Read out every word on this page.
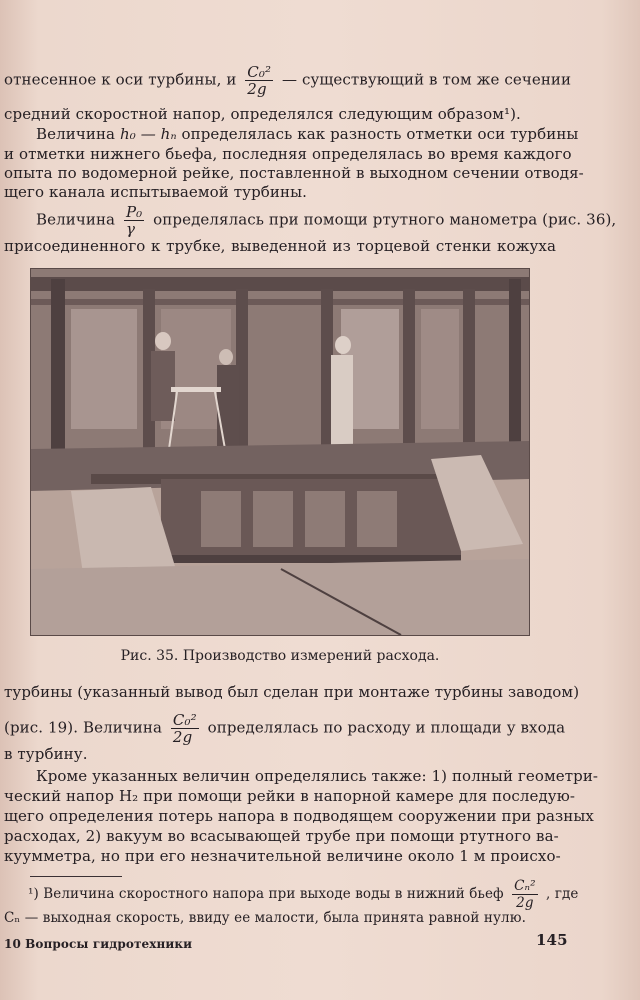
отнесенное к оси турбины, и $\frac{\text{C₀²}}{2g}$ — существующий в том же сечении
средний скоростной напор, определялся следующим образом¹).
Величина h₀ — hₙ определялась как разность отметки оси турбины
и отметки нижнего бьефа, последняя определялась во время каждого
опыта по водомерной рейке, поставленной в выходном сечении отводя-
щего канала испытываемой турбины.
Величина $\frac{\text{P₀}}{\gamma}$ определялась при помощи ртутного манометра (рис. 36),
присоединенного к трубке, выведенной из торцевой стенки кожуха
Рис. 35. Производство измерений расхода.
турбины (указанный вывод был сделан при монтаже турбины заводом)
(рис. 19). Величина $\frac{\text{C₀²}}{2g}$ определялась по расходу и площади у входа
в турбину.
Кроме указанных величин определялись также: 1) полный геометри-
ческий напор H₂ при помощи рейки в напорной камере для последую-
щего определения потерь напора в подводящем сооружении при разных
расходах, 2) вакуум во всасывающей трубе при помощи ртутного ва-
куумметра, но при его незначительной величине около 1 м происхо-
¹) Величина скоростного напора при выходе воды в нижний бьеф $\frac{\text{Cₙ²}}{2g}$ , где
Cₙ — выходная скорость, ввиду ее малости, была принята равной нулю.
10 Вопросы гидротехники	145
